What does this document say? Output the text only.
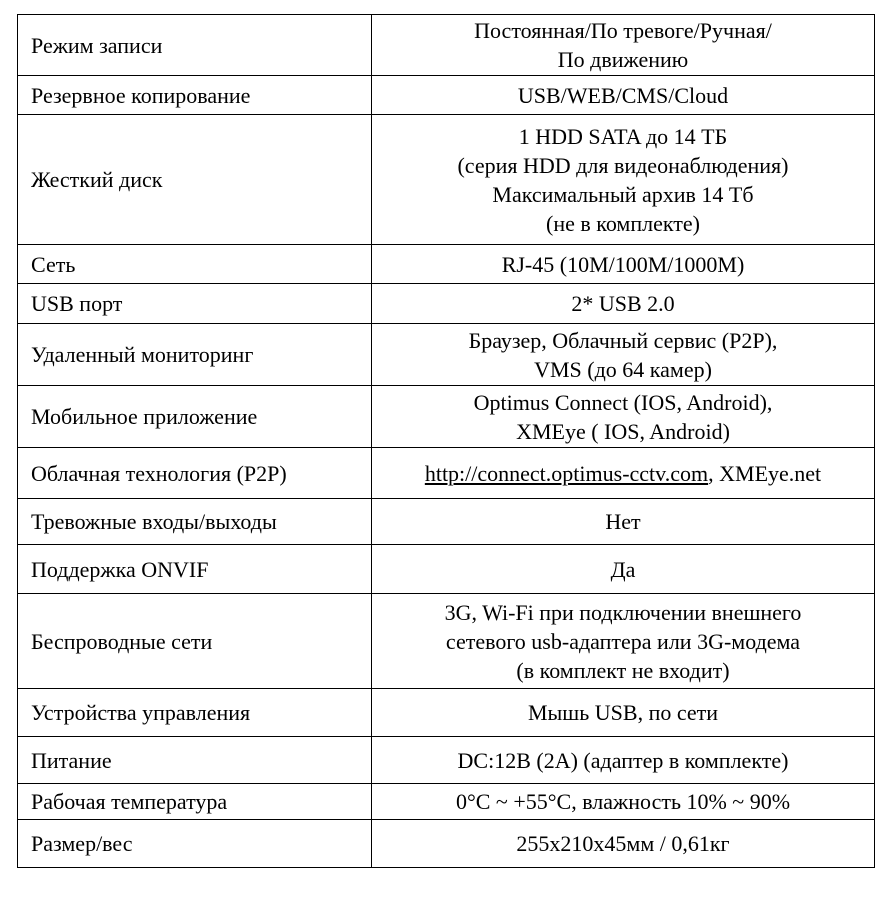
Режим записи	Постоянная/По тревоге/Ручная/
По движению

Резервное копирование	USB/WEB/CMS/Cloud

Жесткий диск	1 HDD SATA до 14 ТБ
(серия HDD для видеонаблюдения)
Максимальный архив 14 Тб
(не в комплекте)

Сеть	RJ-45 (10M/100M/1000M)

USB порт	2* USB 2.0

Удаленный мониторинг	Браузер, Облачный сервис (P2P),
VMS (до 64 камер)

Мобильное приложение	Optimus Connect (IOS, Android),
XMEye ( IOS, Android)

Облачная технология (P2P)	http://connect.optimus-cctv.com, XMEye.net

Тревожные входы/выходы	Нет

Поддержка ONVIF	Да

Беспроводные сети	3G, Wi-Fi при подключении внешнего
сетевого usb-адаптера или 3G-модема
(в комплект не входит)

Устройства управления	Мышь USB, по сети

Питание	DC:12В (2А) (адаптер в комплекте)

Рабочая температура	0°C ~ +55°C, влажность 10% ~ 90%

Размер/вес	255х210х45мм / 0,61кг
